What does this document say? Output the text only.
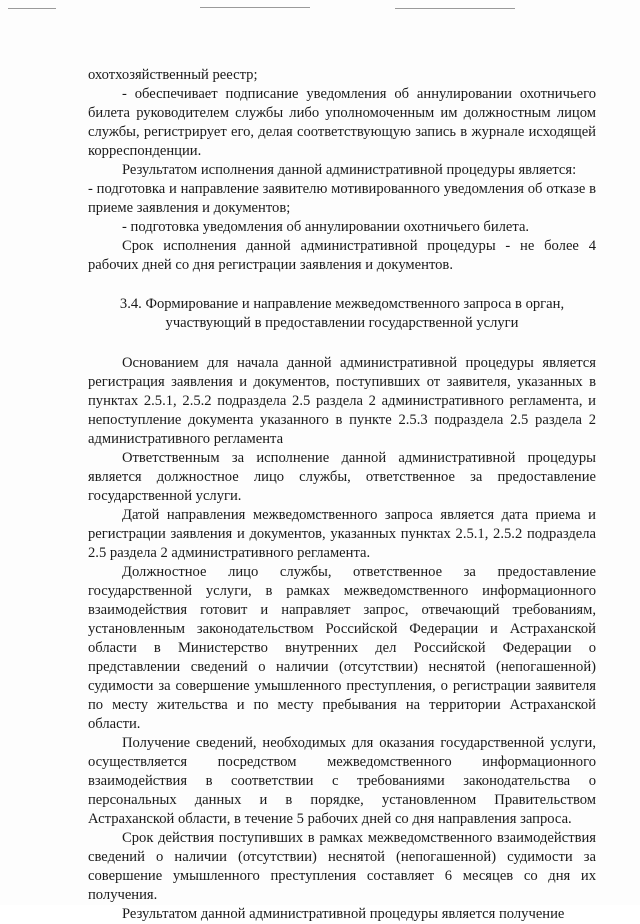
охотхозяйственный реестр;

- обеспечивает подписание уведомления об аннулировании охотничьего билета руководителем службы либо уполномоченным им должностным лицом службы, регистрирует его, делая соответствующую запись в журнале исходящей корреспонденции.

Результатом исполнения данной административной процедуры является:

- подготовка и направление заявителю мотивированного уведомления об отказе в приеме заявления и документов;

- подготовка уведомления об аннулировании охотничьего билета.

Срок исполнения данной административной процедуры - не более 4 рабочих дней со дня регистрации заявления и документов.

3.4. Формирование и направление межведомственного запроса в орган, участвующий в предоставлении государственной услуги

Основанием для начала данной административной процедуры является регистрация заявления и документов, поступивших от заявителя, указанных в пунктах 2.5.1, 2.5.2 подраздела 2.5 раздела 2 административного регламента, и непоступление документа указанного в пункте 2.5.3 подраздела 2.5 раздела 2 административного регламента

Ответственным за исполнение данной административной процедуры является должностное лицо службы, ответственное за предоставление государственной услуги.

Датой направления межведомственного запроса является дата приема и регистрации заявления и документов, указанных пунктах 2.5.1, 2.5.2 подраздела 2.5 раздела 2 административного регламента.

Должностное лицо службы, ответственное за предоставление государственной услуги, в рамках межведомственного информационного взаимодействия готовит и направляет запрос, отвечающий требованиям, установленным законодательством Российской Федерации и Астраханской области в Министерство внутренних дел Российской Федерации о представлении сведений о наличии (отсутствии) неснятой (непогашенной) судимости за совершение умышленного преступления, о регистрации заявителя по месту жительства и по месту пребывания на территории Астраханской области.

Получение сведений, необходимых для оказания государственной услуги, осуществляется посредством межведомственного информационного взаимодействия в соответствии с требованиями законодательства о персональных данных и в порядке, установленном Правительством Астраханской области, в течение 5 рабочих дней со дня направления запроса.

Срок действия поступивших в рамках межведомственного взаимодействия сведений о наличии (отсутствии) неснятой (непогашенной) судимости за совершение умышленного преступления составляет 6 месяцев со дня их получения.

Результатом данной административной процедуры является получение
